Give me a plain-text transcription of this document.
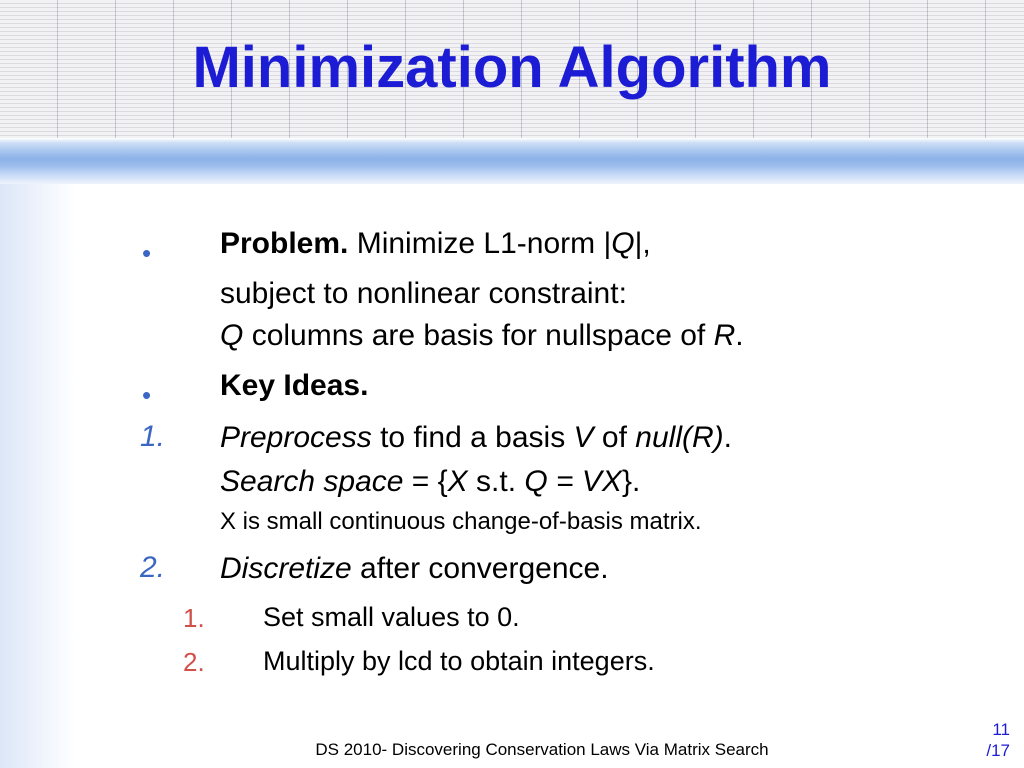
Minimization Algorithm
• Problem. Minimize L1-norm |Q|,
subject to nonlinear constraint:
Q columns are basis for nullspace of R.
• Key Ideas.
1. Preprocess to find a basis V of null(R).
Search space = {X s.t. Q = VX}.
X is small continuous change-of-basis matrix.
2. Discretize after convergence.
1. Set small values to 0.
2. Multiply by lcd to obtain integers.
DS 2010- Discovering Conservation Laws Via Matrix Search
11
/17
